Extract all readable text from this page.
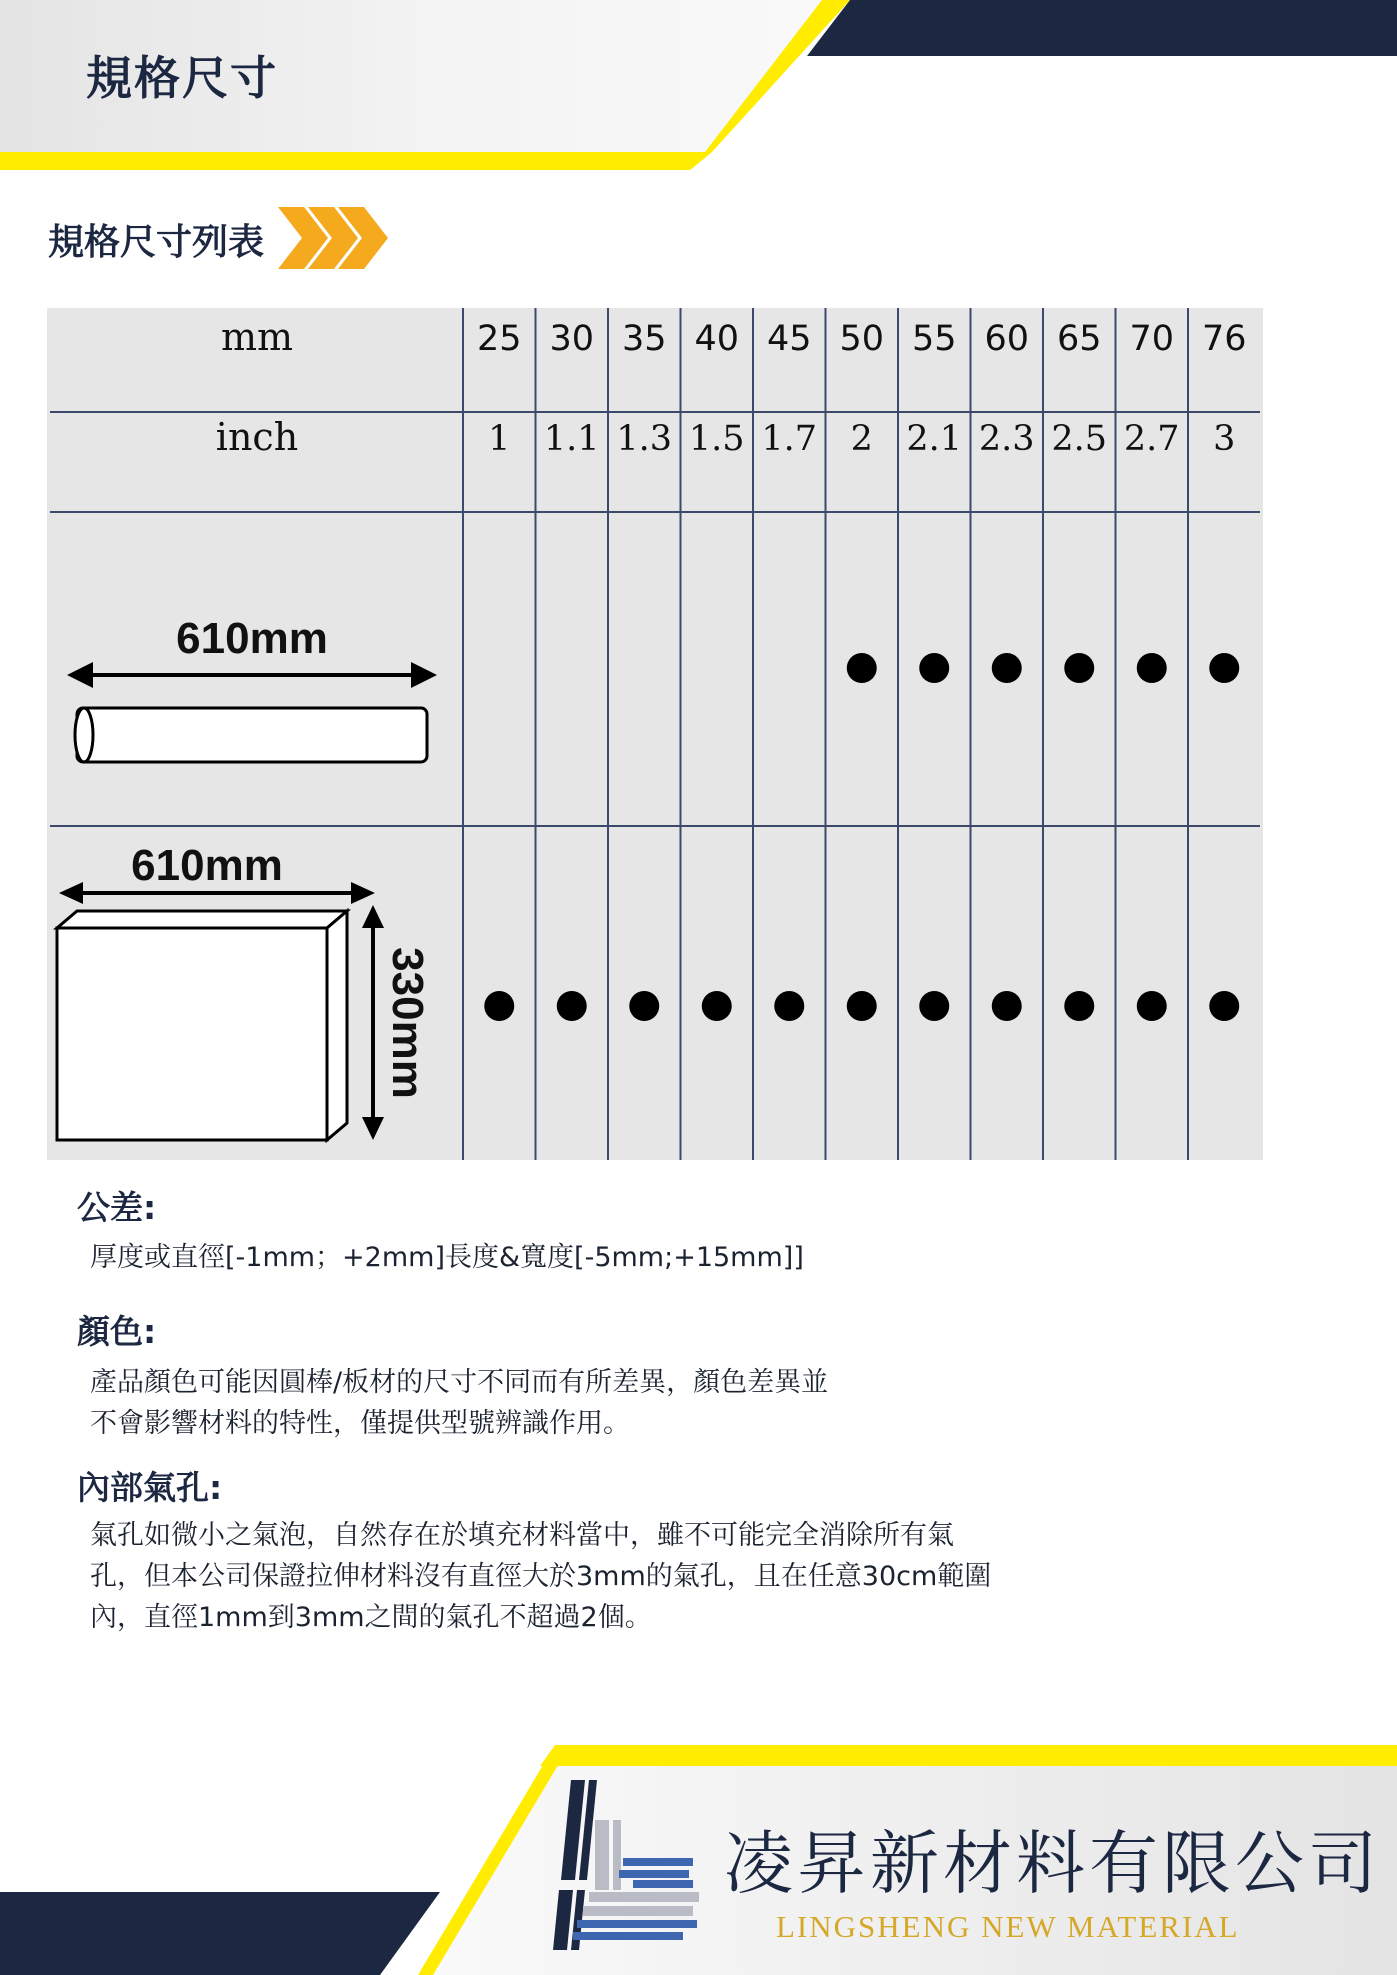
規格尺寸
規格尺寸列表
mm
inch
25
1
30
1.1
35
1.3
40
1.5
45
1.7
50
2
55
2.1
60
2.3
65
2.5
70
2.7
76
3
610mm
610mm
330mm
公差:
厚度或直徑[-1mm；+2mm]長度&寬度[-5mm;+15mm]]
顏色:
產品顏色可能因圓棒/板材的尺寸不同而有所差異，顏色差異並
不會影響材料的特性，僅提供型號辨識作用。
內部氣孔:
氣孔如微小之氣泡，自然存在於填充材料當中，雖不可能完全消除所有氣
孔，但本公司保證拉伸材料沒有直徑大於3mm的氣孔，且在任意30cm範圍
內，直徑1mm到3mm之間的氣孔不超過2個。
凌昇新材料有限公司
LINGSHENG NEW MATERIAL
